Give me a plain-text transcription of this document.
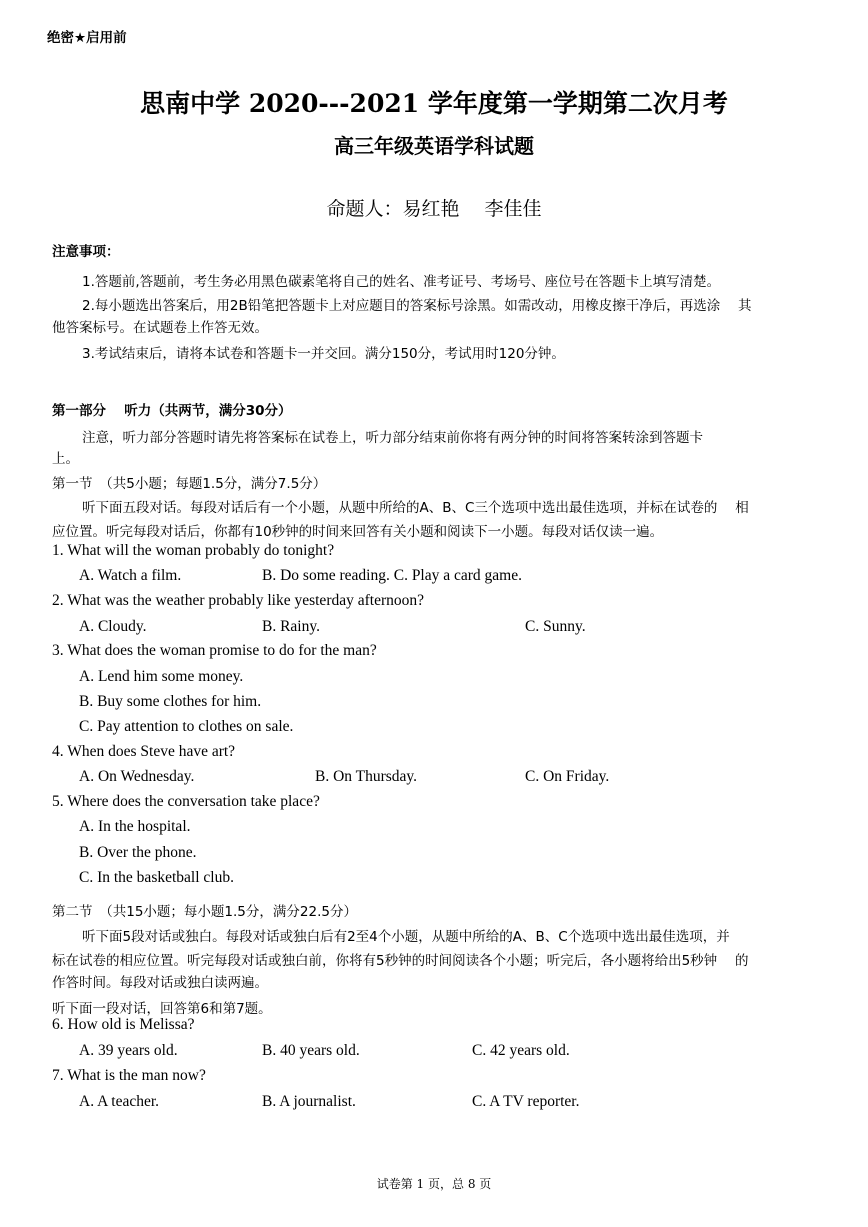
绝密★启用前
思南中学 2020---2021 学年度第一学期第二次月考
高三年级英语学科试题
命题人：易红艳　 李佳佳
注意事项：
1.答题前,答题前，考生务必用黑色碳素笔将自己的姓名、准考证号、考场号、座位号在答题卡上填写清楚。
2.每小题选出答案后，用2B铅笔把答题卡上对应题目的答案标号涂黑。如需改动，用橡皮擦干净后，再选涂　 其
他答案标号。在试题卷上作答无效。
3.考试结束后，请将本试卷和答题卡一并交回。满分150分，考试用时120分钟。
第一部分　 听力（共两节，满分30分）
注意，听力部分答题时请先将答案标在试卷上，听力部分结束前你将有两分钟的时间将答案转涂到答题卡
上。
第一节　（共5小题；每题1.5分，满分7.5分）
听下面五段对话。每段对话后有一个小题，从题中所给的A、B、C三个选项中选出最佳选项，并标在试卷的　 相
应位置。听完每段对话后，你都有10秒钟的时间来回答有关小题和阅读下一小题。每段对话仅读一遍。
1. What will the woman probably do tonight?
A. Watch a film.	B. Do some reading. C. Play a card game.
2. What was the weather probably like yesterday afternoon?
A. Cloudy.	B. Rainy.	C. Sunny.
3. What does the woman promise to do for the man?
A. Lend him some money.
B. Buy some clothes for him.
C. Pay attention to clothes on sale.
4. When does Steve have art?
A. On Wednesday.	B. On Thursday.	C. On Friday.
5. Where does the conversation take place?
A. In the hospital.
B. Over the phone.
C. In the basketball club.
第二节　（共15小题；每小题1.5分，满分22.5分）
听下面5段对话或独白。每段对话或独白后有2至4个小题，从题中所给的A、B、C个选项中选出最佳选项，并
标在试卷的相应位置。听完每段对话或独白前，你将有5秒钟的时间阅读各个小题；听完后，各小题将给出5秒钟　 的
作答时间。每段对话或独白读两遍。
听下面一段对话，回答第6和第7题。
6. How old is Melissa?
A. 39 years old.	B. 40 years old.	C. 42 years old.
7. What is the man now?
A. A teacher.	B. A journalist.	C. A TV reporter.
试卷第 1 页，总 8 页
